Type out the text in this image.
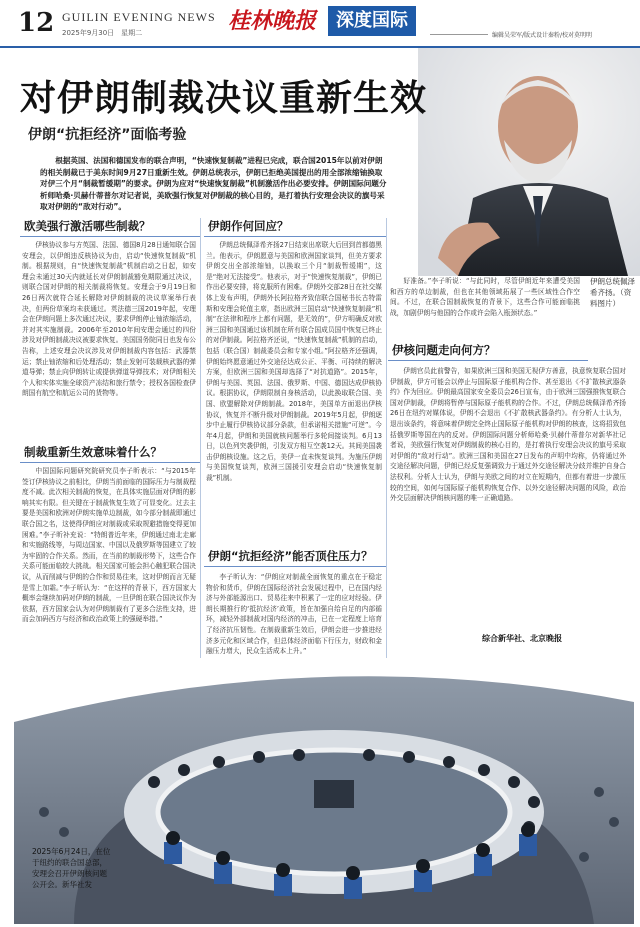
12 GUILIN EVENING NEWS
2025年9月30日　星期二	桂林晚报	深度国际
编辑吴荣军/版式设计秦粉/校对莫明明
伊朗总统佩泽希齐扬。（资料图片）
对伊朗制裁决议重新生效
伊朗“抗拒经济”面临考验
根据英国、法国和德国发布的联合声明，“快速恢复制裁”进程已完成，联合国2015年以前对伊朗的相关制裁已于美东时间9月27日重新生效。伊朗总统表示，伊朗已拒绝美国提出的用全部浓缩铀换取对伊三个月“制裁暂缓期”的要求。伊朗为应对“快速恢复制裁”机制激活作出必要安排。伊朗国际问题分析师哈桑·贝赫什蒂普尔对记者说，美欧强行恢复对伊制裁的核心目的，是打着执行安理会决议的旗号采取对伊朗的“敌对行动”。
欧美强行激活哪些制裁？

伊核协议参与方英国、法国、德国8月28日通知联合国安理会，以伊朗违反核协议为由，启动“快速恢复制裁”机制。根据规则，自“快速恢复制裁”机制启动之日起，如安理会未通过30天内就延长对伊朗制裁豁免期限通过决议，则联合国对伊朗的相关制裁将恢复。安理会于9月19日和26日两次就符合延长解除对伊朗制裁的决议草案举行表决，但两份草案均未获通过。英法德三国2019年起，安理会在伊朗问题上多次通过决议，要求伊朗停止铀浓缩活动，并对其实施制裁。2006年至2010年间安理会通过的四份涉及对伊朗制裁决议被要求恢复。美国国务院同日也发布公告称，上述安理会决议涉及对伊朗制裁内容包括：武器禁运；禁止铀浓缩和后处理活动；禁止发射可装载核武器的弹道导弹；禁止向伊朗转让或提供弹道导弹技术；对伊朗相关个人和实体实施全球资产冻结和旅行禁令；授权各国检查伊朗国有航空和航运公司的货物等。

制裁重新生效意味着什么？

中国国际问题研究院研究员李子昕表示：“与2015年签订伊核协议之前相比，伊朗当前面临的国际压力与制裁程度不减。此次相关制裁的恢复，在具体实施层面对伊朗的影响其实有限。但关键在于制裁恢复生效了可显变化。过去主要是美国和欧洲对伊朗实施单边制裁，如今部分制裁即通过联合国之名，这使得伊朗应对制裁或采取规避措施变得更加困难。”李子昕补充说：“特朗普近年来，伊朗通过南北走廊和实施路线等，与周边国家、中国以及俄罗斯等国建立了较为牢固的合作关系。然而，在当前的制裁形势下，这些合作关系可能面临较大挑战。相关国家可能会担心触犯联合国决议，从而削减与伊朗的合作和贸易往来，这对伊朗而言无疑是雪上加霜。”李子昕认为：“在这样的背景下，西方国家大概率会继续加码对伊朗的制裁，一旦伊朗在联合国决议作为依据，西方国家会认为对伊朗制裁有了更多合法性支持，进而会加码西方与经济和政治政策上的强硬举措。”

伊朗作何回应？

伊朗总统佩泽希齐扬27日结束出席联大后回到首都德黑兰。他表示，伊朗愿意与美国和欧洲国家谈判，但美方要求伊朗交出全部浓缩铀，以换取三个月“制裁暂缓期”，这是“绝对无法接受”。他表示，对于“快速恢复制裁”，伊朗已作出必要安排，将克服所有困难。伊朗外交部28日在社交媒体上发布声明，伊朗外长阿拉格齐致信联合国秘书长古特雷斯和安理会轮值主席，指出欧洲三国启动“快速恢复制裁”机制“在法律和程序上都有问题，是无效的”，伊方明确反对欧洲三国和美国通过该机制在所有联合国成员国中恢复已终止的对伊制裁。阿拉格齐还说，“快速恢复制裁”机制的启动，包括（联合国）制裁委员会和专家小组。”阿拉格齐还强调，伊朗始终愿意通过外交途径达成公正、平衡、可持续的解决方案，但欧洲三国和美国却选择了“对抗道路”。2015年，伊朗与美国、英国、法国、俄罗斯、中国、德国达成伊核协议。根据协议，伊朗限制自身核活动，以此换取联合国、美国、欧盟解除对伊朗制裁。2018年，美国单方面退出伊核协议，恢复并不断升级对伊朗制裁。2019年5月起，伊朗逐步中止履行伊核协议部分条款，但承诺相关措施“可逆”。今年4月起，伊朗和美国就核问题举行多轮间接谈判。6月13日，以色列突袭伊朗，引发双方相互空袭12天。其间美国袭击伊朗核设施。这之后，美伊一直未恢复谈判。为施压伊朗与美国恢复谈判，欧洲三国援引安理会启动“快速恢复制裁”机制。

伊朗“抗拒经济”能否顶住压力？

李子昕认为：“伊朗应对制裁全面恢复的重点在于稳定物价和货币，伊朗在国际经济社会发展过程中，已在国内经济与外部能源出口、贸易往来中积累了一定的应对经验。伊朗长期推行的‘抵抗经济’政策，旨在加强自给自足的内部循环，减轻外部制裁对国内经济的冲击，已在一定程度上培育了经济抗压韧性。在制裁重新生效后，伊朗会进一步推进经济多元化和区域合作，但总体经济面临下行压力，财政和金融压力增大，民众生活成本上升。”

好准备。”李子昕说：“与此同时，尽管伊朗近年来遭受美国和西方的单边制裁，但也在其他领域拓展了一些区域性合作空间。不过，在联合国制裁恢复的背景下，这些合作可能面临挑战，加剧伊朗与他国的合作或许会陷入瓶颈状态。”

伊核问题走向何方？

伊朗官员此前警告，如果欧洲三国和美国无视伊方善意，执意恢复联合国对伊制裁，伊方可能会以停止与国际原子能机构合作、甚至退出《不扩散核武器条约》作为回应。伊朗最高国家安全委员会26日宣布，由于欧洲三国强推恢复联合国对伊制裁，伊朗将暂停与国际原子能机构的合作。不过，伊朗总统佩泽希齐扬26日在纽约对媒体说，伊朗不会退出《不扩散核武器条约》。有分析人士认为，退出该条约，将意味着伊朗完全终止国际原子能机构对伊朗的核查，这将招致包括俄罗斯等国在内的反对。伊朗国际问题分析师哈桑·贝赫什蒂普尔对新华社记者说，美欧强行恢复对伊朗制裁的核心目的，是打着执行安理会决议的旗号采取对伊朗的“敌对行动”。欧洲三国和美国在27日发布的声明中均称，仍将通过外交途径解决问题，伊朗已经反复强调致力于通过外交途径解决分歧并维护自身合法权利。分析人士认为，伊朗与美欧之间的对立在短期内，但都有着进一步激压较的空间，如何与国际原子能机构恢复合作、以外交途径解决问题的风险，政治外交层面解决伊朗核问题的唯一正确道路。

综合新华社、北京晚报
2025年6月24日，在位于纽约的联合国总部，安理会召开伊朗核问题公开会。新华社发
